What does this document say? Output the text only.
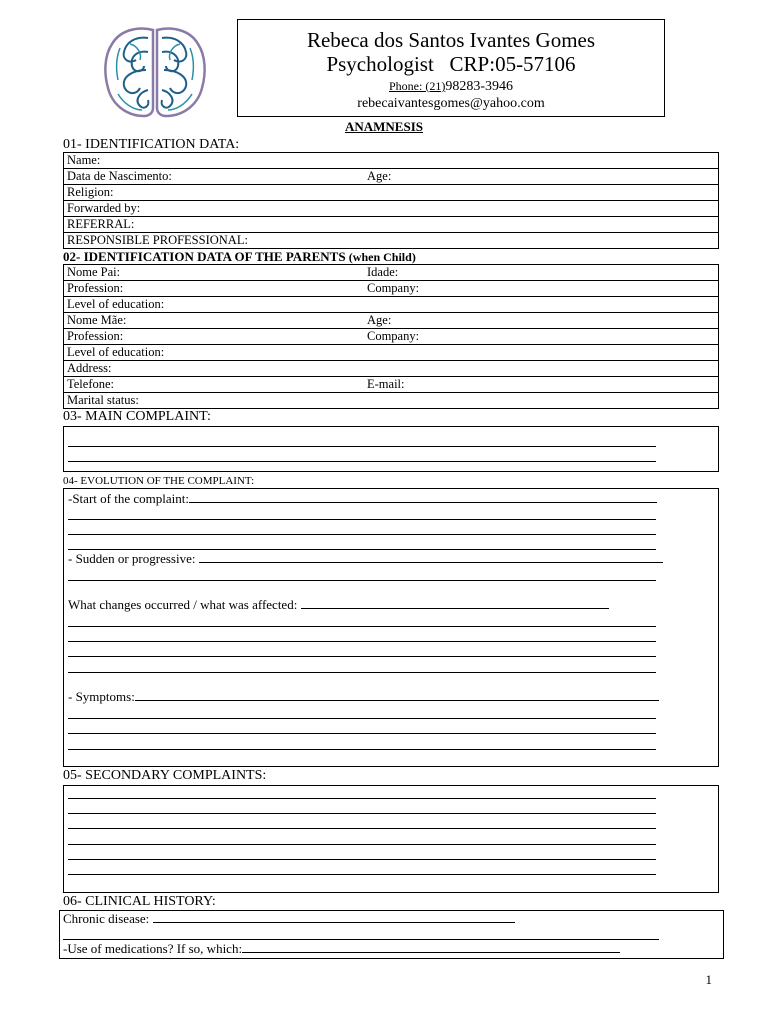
Rebeca dos Santos Ivantes Gomes
Psychologist   CRP:05-57106
Phone: (21)98283-3946
rebecaivantesgomes@yahoo.com
ANAMNESIS
01- IDENTIFICATION DATA:
Name:
Data de Nascimento:	Age:
Religion:
Forwarded by:
REFERRAL:
RESPONSIBLE PROFESSIONAL:
02- IDENTIFICATION DATA OF THE PARENTS (when Child)
Nome Pai:	Idade:
Profession:	Company:
Level of education:
Nome Mãe:	Age:
Profession:	Company:
Level of education:
Address:
Telefone:	E-mail:
Marital status:
03- MAIN COMPLAINT:
04- EVOLUTION OF THE COMPLAINT:
-Start of the complaint:
- Sudden or progressive:
What changes occurred / what was affected:
- Symptoms:
05- SECONDARY COMPLAINTS:
06- CLINICAL HISTORY:
Chronic disease:
-Use of medications? If so, which:
1
